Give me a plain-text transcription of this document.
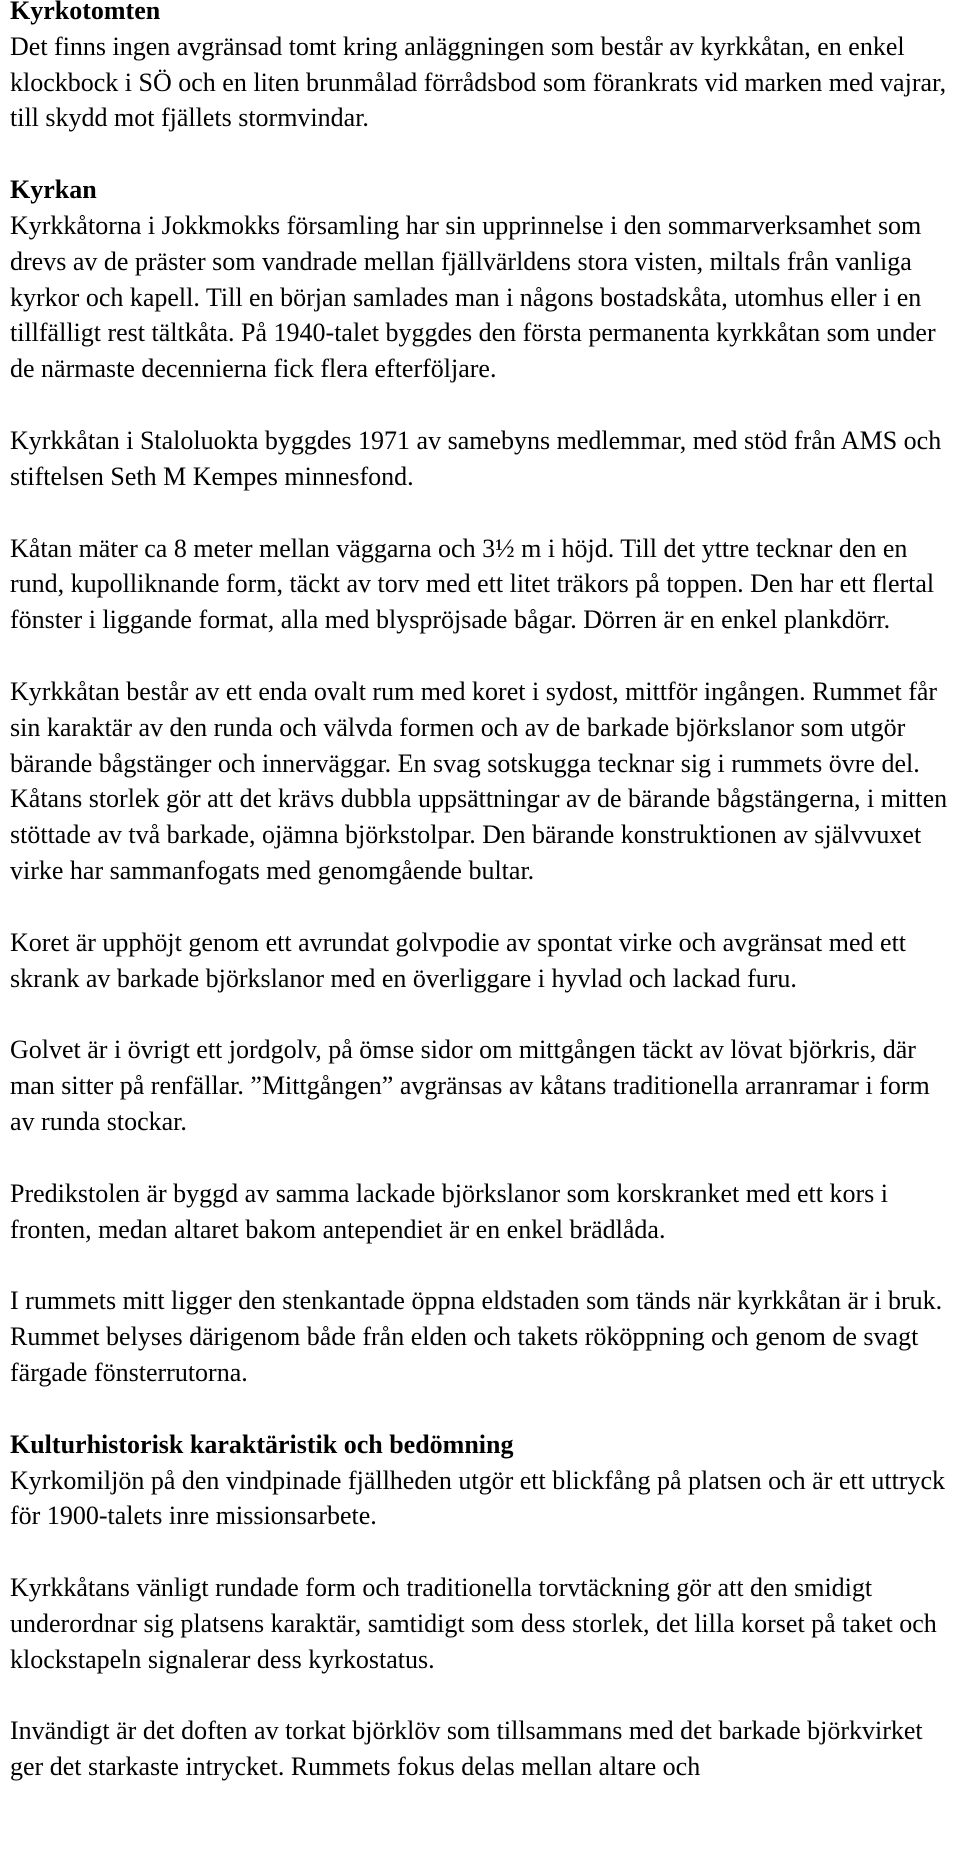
Kyrkotomten
Det finns ingen avgränsad tomt kring anläggningen som består av kyrkkåtan, en enkel klockbock i SÖ och en liten brunmålad förrådsbod som förankrats vid marken med vajrar, till skydd mot fjällets stormvindar.
Kyrkan
Kyrkkåtorna i Jokkmokks församling har sin upprinnelse i den sommarverksamhet som drevs av de präster som vandrade mellan fjällvärldens stora visten, miltals från vanliga kyrkor och kapell. Till en början samlades man i någons bostadskåta, utomhus eller i en tillfälligt rest tältkåta. På 1940-talet byggdes den första permanenta kyrkkåtan som under de närmaste decennierna fick flera efterföljare.
Kyrkkåtan i Staloluokta byggdes 1971 av samebyns medlemmar, med stöd från AMS och stiftelsen Seth M Kempes minnesfond.
Kåtan mäter ca 8 meter mellan väggarna och 3½ m i höjd. Till det yttre tecknar den en rund, kupolliknande form, täckt av torv med ett litet träkors på toppen. Den har ett flertal fönster i liggande format, alla med blyspröjsade bågar. Dörren är en enkel plankdörr.
Kyrkkåtan består av ett enda ovalt rum med koret i sydost, mittför ingången. Rummet får sin karaktär av den runda och välvda formen och av de barkade björkslanor som utgör bärande bågstänger och innerväggar. En svag sotskugga tecknar sig i rummets övre del. Kåtans storlek gör att det krävs dubbla uppsättningar av de bärande bågstängerna, i mitten stöttade av två barkade, ojämna björkstolpar. Den bärande konstruktionen av självvuxet virke har sammanfogats med genomgående bultar.
Koret är upphöjt genom ett avrundat golvpodie av spontat virke och avgränsat med ett skrank av barkade björkslanor med en överliggare i hyvlad och lackad furu.
Golvet är i övrigt ett jordgolv, på ömse sidor om mittgången täckt av lövat björkris, där man sitter på renfällar. ”Mittgången” avgränsas av kåtans traditionella arranramar i form av runda stockar.
Predikstolen är byggd av samma lackade björkslanor som korskranket med ett kors i fronten, medan altaret bakom antependiet är en enkel brädlåda.
I rummets mitt ligger den stenkantade öppna eldstaden som tänds när kyrkkåtan är i bruk. Rummet belyses därigenom både från elden och takets rököppning och genom de svagt färgade fönsterrutorna.
Kulturhistorisk karaktäristik och bedömning
Kyrkomiljön på den vindpinade fjällheden utgör ett blickfång på platsen och är ett uttryck för 1900-talets inre missionsarbete.
Kyrkkåtans vänligt rundade form och traditionella torvtäckning gör att den smidigt underordnar sig platsens karaktär, samtidigt som dess storlek, det lilla korset på taket och klockstapeln signalerar dess kyrkostatus.
Invändigt är det doften av torkat björklöv som tillsammans med det barkade björkvirket ger det starkaste intrycket. Rummets fokus delas mellan altare och
